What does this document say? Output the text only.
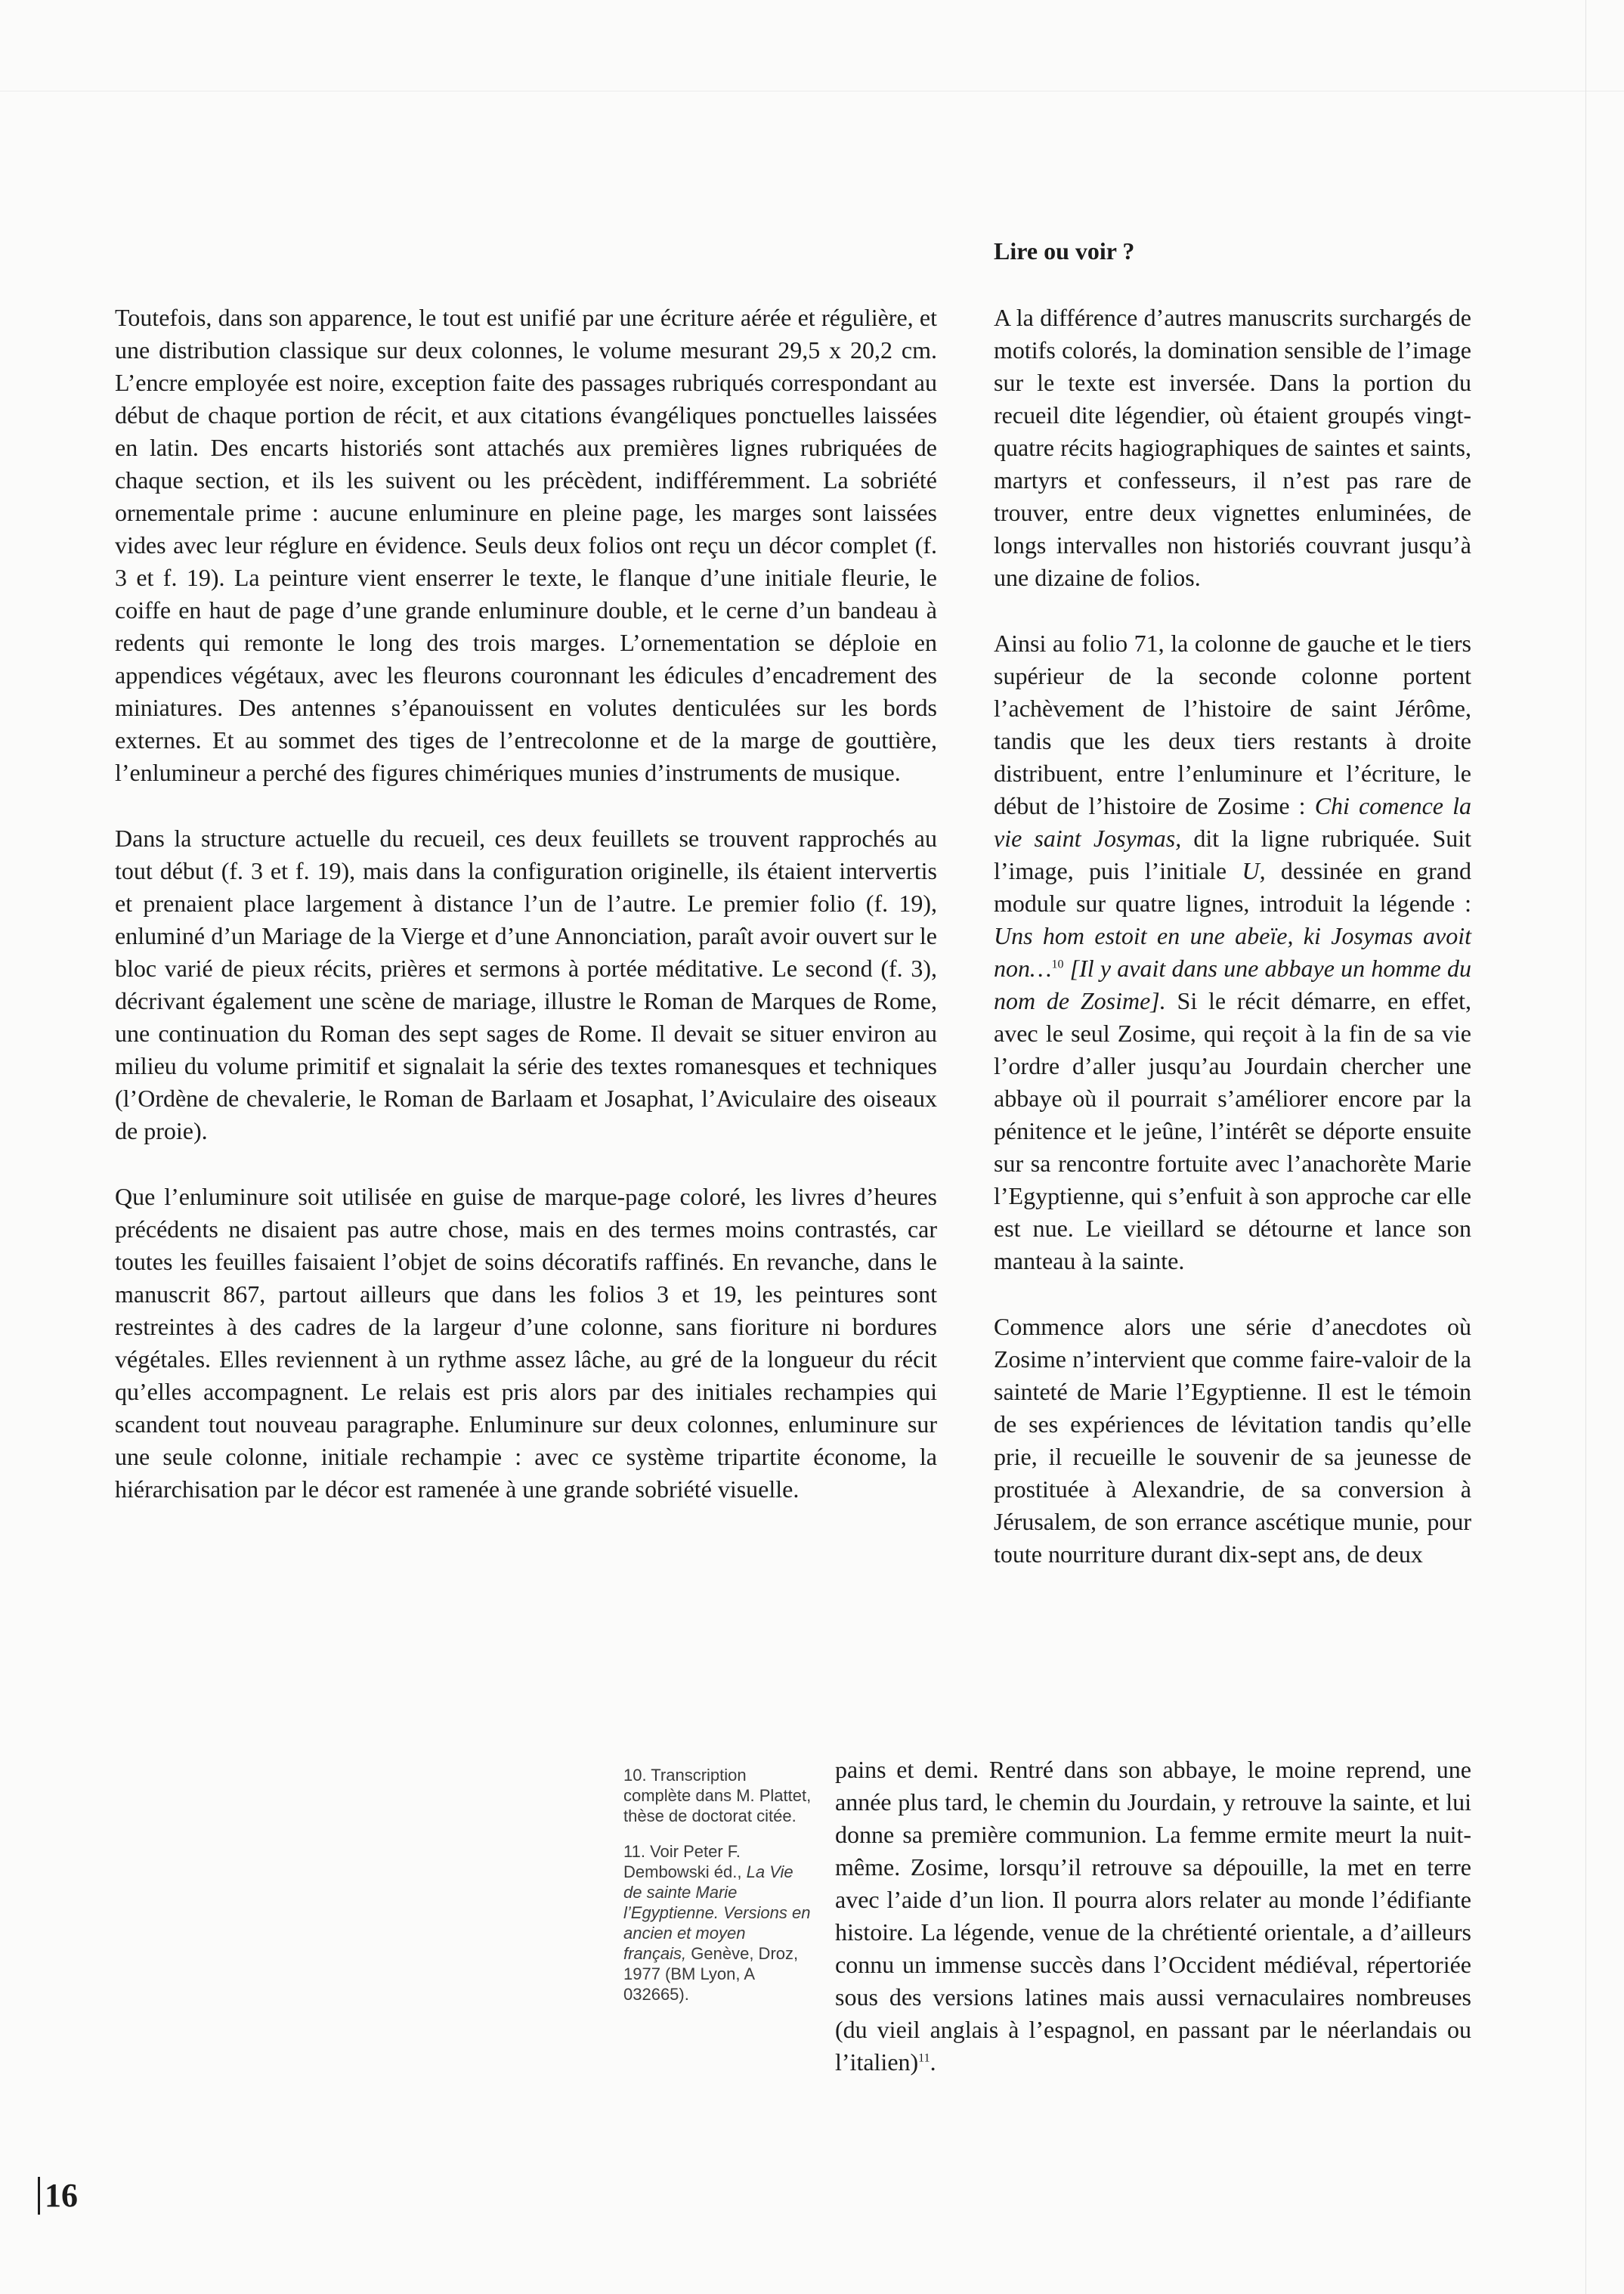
Lire ou voir ?

Toutefois, dans son apparence, le tout est unifié par une écriture aérée et régulière, et une distribution classique sur deux colonnes, le volume mesurant 29,5 x 20,2 cm. L’encre employée est noire, exception faite des passages rubriqués correspondant au début de chaque portion de récit, et aux citations évangéliques ponctuelles laissées en latin. Des encarts historiés sont attachés aux premières lignes rubriquées de chaque section, et ils les suivent ou les précèdent, indifféremment. La sobriété ornementale prime : aucune enluminure en pleine page, les marges sont laissées vides avec leur réglure en évidence. Seuls deux folios ont reçu un décor complet (f. 3 et f. 19). La peinture vient enserrer le texte, le flanque d’une initiale fleurie, le coiffe en haut de page d’une grande enluminure double, et le cerne d’un bandeau à redents qui remonte le long des trois marges. L’ornementation se déploie en appendices végétaux, avec les fleurons couronnant les édicules d’encadrement des miniatures. Des antennes s’épanouissent en volutes denticulées sur les bords externes. Et au sommet des tiges de l’entrecolonne et de la marge de gouttière, l’enlumineur a perché des figures chimériques munies d’instruments de musique.

Dans la structure actuelle du recueil, ces deux feuillets se trouvent rapprochés au tout début (f. 3 et f. 19), mais dans la configuration originelle, ils étaient intervertis et prenaient place largement à distance l’un de l’autre. Le premier folio (f. 19), enluminé d’un Mariage de la Vierge et d’une Annonciation, paraît avoir ouvert sur le bloc varié de pieux récits, prières et sermons à portée méditative. Le second (f. 3), décrivant également une scène de mariage, illustre le Roman de Marques de Rome, une continuation du Roman des sept sages de Rome. Il devait se situer environ au milieu du volume primitif et signalait la série des textes romanesques et techniques (l’Ordène de chevalerie, le Roman de Barlaam et Josaphat, l’Aviculaire des oiseaux de proie).

Que l’enluminure soit utilisée en guise de marque-page coloré, les livres d’heures précédents ne disaient pas autre chose, mais en des termes moins contrastés, car toutes les feuilles faisaient l’objet de soins décoratifs raffinés. En revanche, dans le manuscrit 867, partout ailleurs que dans les folios 3 et 19, les peintures sont restreintes à des cadres de la largeur d’une colonne, sans fioriture ni bordures végétales. Elles reviennent à un rythme assez lâche, au gré de la longueur du récit qu’elles accompagnent. Le relais est pris alors par des initiales rechampies qui scandent tout nouveau paragraphe. Enluminure sur deux colonnes, enluminure sur une seule colonne, initiale rechampie : avec ce système tripartite économe, la hiérarchisation par le décor est ramenée à une grande sobriété visuelle.

A la différence d’autres manuscrits surchargés de motifs colorés, la domination sensible de l’image sur le texte est inversée. Dans la portion du recueil dite légendier, où étaient groupés vingt-quatre récits hagiographiques de saintes et saints, martyrs et confesseurs, il n’est pas rare de trouver, entre deux vignettes enluminées, de longs intervalles non historiés couvrant jusqu’à une dizaine de folios.

Ainsi au folio 71, la colonne de gauche et le tiers supérieur de la seconde colonne portent l’achèvement de l’histoire de saint Jérôme, tandis que les deux tiers restants à droite distribuent, entre l’enluminure et l’écriture, le début de l’histoire de Zosime : Chi comence la vie saint Josymas, dit la ligne rubriquée. Suit l’image, puis l’initiale U, dessinée en grand module sur quatre lignes, introduit la légende : Uns hom estoit en une abeïe, ki Josymas avoit non…$^{10}$ [Il y avait dans une abbaye un homme du nom de Zosime]. Si le récit démarre, en effet, avec le seul Zosime, qui reçoit à la fin de sa vie l’ordre d’aller jusqu’au Jourdain chercher une abbaye où il pourrait s’améliorer encore par la pénitence et le jeûne, l’intérêt se déporte ensuite sur sa rencontre fortuite avec l’anachorète Marie l’Egyptienne, qui s’enfuit à son approche car elle est nue. Le vieillard se détourne et lance son manteau à la sainte.

Commence alors une série d’anecdotes où Zosime n’intervient que comme faire-valoir de la sainteté de Marie l’Egyptienne. Il est le témoin de ses expériences de lévitation tandis qu’elle prie, il recueille le souvenir de sa jeunesse de prostituée à Alexandrie, de sa conversion à Jérusalem, de son errance ascétique munie, pour toute nourriture durant dix-sept ans, de deux

pains et demi. Rentré dans son abbaye, le moine reprend, une année plus tard, le chemin du Jourdain, y retrouve la sainte, et lui donne sa première communion. La femme ermite meurt la nuit-même. Zosime, lorsqu’il retrouve sa dépouille, la met en terre avec l’aide d’un lion. Il pourra alors relater au monde l’édifiante histoire. La légende, venue de la chrétienté orientale, a d’ailleurs connu un immense succès dans l’Occident médiéval, répertoriée sous des versions latines mais aussi vernaculaires nombreuses (du vieil anglais à l’espagnol, en passant par le néerlandais ou l’italien)$^{11}$.

10. Transcription complète dans M. Plattet, thèse de doctorat citée.

11. Voir Peter F. Dembowski éd., La Vie de sainte Marie l’Egyptienne. Versions en ancien et moyen français, Genève, Droz, 1977 (BM Lyon, A 032665).

16
